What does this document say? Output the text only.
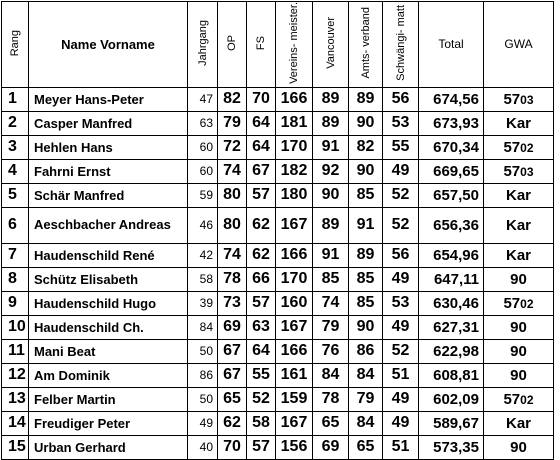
Rang	Name Vorname	Jahrgang	OP	FS	Vereins- meister.	Vancouver	Amts- verband	Schwängi- matt	Total	GWA
1	Meyer Hans-Peter	47	82	70	166	89	89	56	674,56	5703
2	Casper Manfred	63	79	64	181	89	90	53	673,93	Kar
3	Hehlen Hans	60	72	64	170	91	82	55	670,34	5702
4	Fahrni Ernst	60	74	67	182	92	90	49	669,65	5703
5	Schär Manfred	59	80	57	180	90	85	52	657,50	Kar
6	Aeschbacher Andreas	46	80	62	167	89	91	52	656,36	Kar
7	Haudenschild René	42	74	62	166	91	89	56	654,96	Kar
8	Schütz Elisabeth	58	78	66	170	85	85	49	647,11	90
9	Haudenschild Hugo	39	73	57	160	74	85	53	630,46	5702
10	Haudenschild Ch.	84	69	63	167	79	90	49	627,31	90
11	Mani Beat	50	67	64	166	76	86	52	622,98	90
12	Am Dominik	86	67	55	161	84	84	51	608,81	90
13	Felber Martin	50	65	52	159	78	79	49	602,09	5702
14	Freudiger Peter	49	62	58	167	65	84	49	589,67	Kar
15	Urban Gerhard	40	70	57	156	69	65	51	573,35	90
